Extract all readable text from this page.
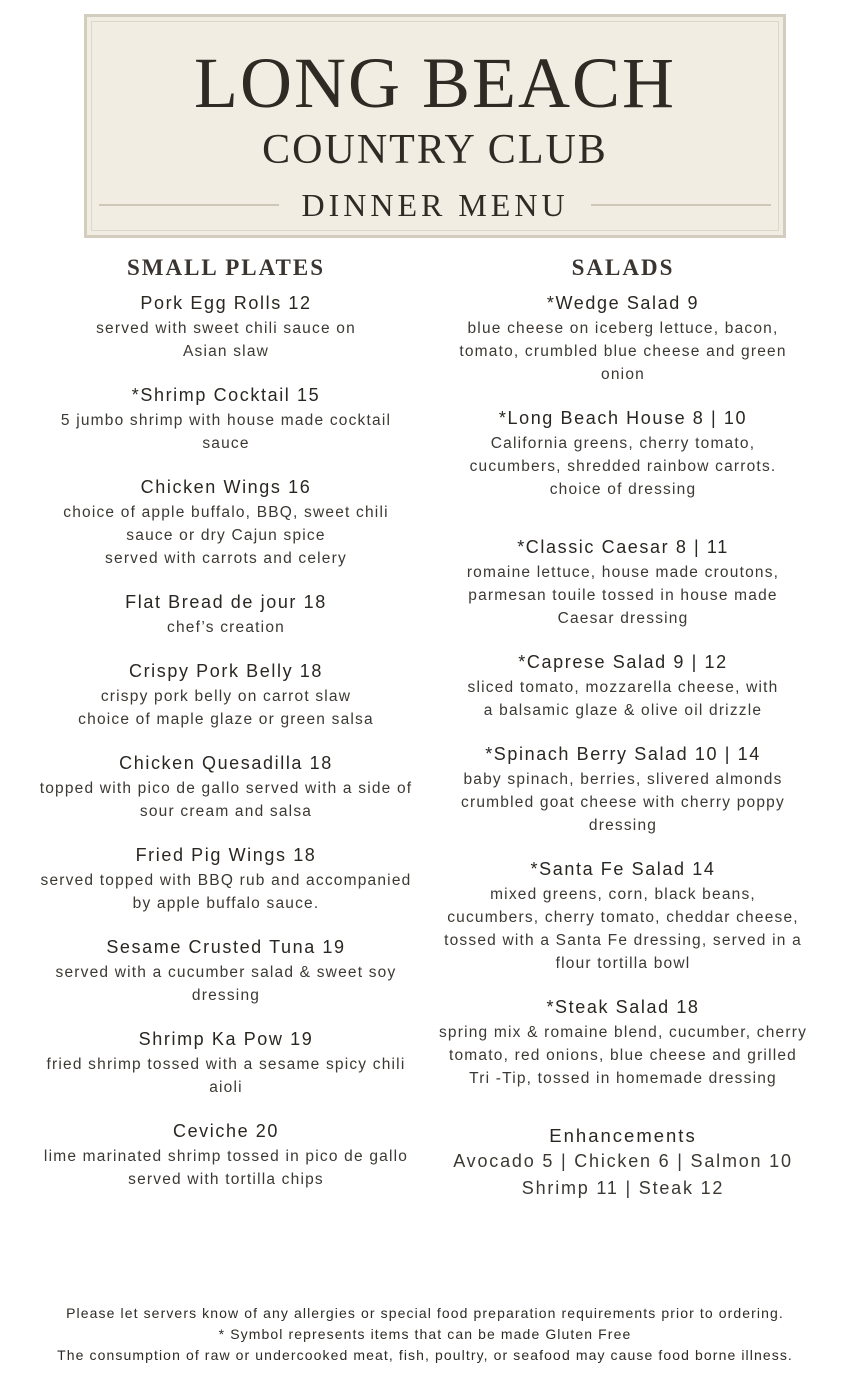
LONG BEACH
COUNTRY CLUB
DINNER MENU
SMALL PLATES
Pork Egg Rolls 12
served with sweet chili sauce on
Asian slaw
*Shrimp Cocktail 15
5 jumbo shrimp with house made cocktail
sauce
Chicken Wings 16
choice of apple buffalo, BBQ, sweet chili
sauce or dry Cajun spice
served with carrots and celery
Flat Bread de jour 18
chef’s creation
Crispy Pork Belly 18
crispy pork belly on carrot slaw
choice of maple glaze or green salsa
Chicken Quesadilla 18
topped with pico de gallo served with a side of
sour cream and salsa
Fried Pig Wings 18
served topped with BBQ rub and accompanied
by apple buffalo sauce.
Sesame Crusted Tuna 19
served with a cucumber salad & sweet soy
dressing
Shrimp Ka Pow 19
fried shrimp tossed with a sesame spicy chili
aioli
Ceviche 20
lime marinated shrimp tossed in pico de gallo
served with tortilla chips
SALADS
*Wedge Salad 9
blue cheese on iceberg lettuce, bacon,
tomato, crumbled blue cheese and green
onion
*Long Beach House 8 | 10
California greens, cherry tomato,
cucumbers, shredded rainbow carrots.
choice of dressing
*Classic Caesar 8 | 11
romaine lettuce, house made croutons,
parmesan touile tossed in house made
Caesar dressing
*Caprese Salad 9 | 12
sliced tomato, mozzarella cheese, with
a balsamic glaze & olive oil drizzle
*Spinach Berry Salad 10 | 14
baby spinach, berries, slivered almonds
crumbled goat cheese with cherry poppy
dressing
*Santa Fe Salad 14
mixed greens, corn, black beans,
cucumbers, cherry tomato, cheddar cheese,
tossed with a Santa Fe dressing, served in a
flour tortilla bowl
*Steak Salad 18
spring mix & romaine blend, cucumber, cherry
tomato, red onions, blue cheese and grilled
Tri -Tip, tossed in homemade dressing
Enhancements
Avocado 5 | Chicken 6 | Salmon 10
Shrimp 11 | Steak 12
Please let servers know of any allergies or special food preparation requirements prior to ordering.
* Symbol represents items that can be made Gluten Free
The consumption of raw or undercooked meat, fish, poultry, or seafood may cause food borne illness.
